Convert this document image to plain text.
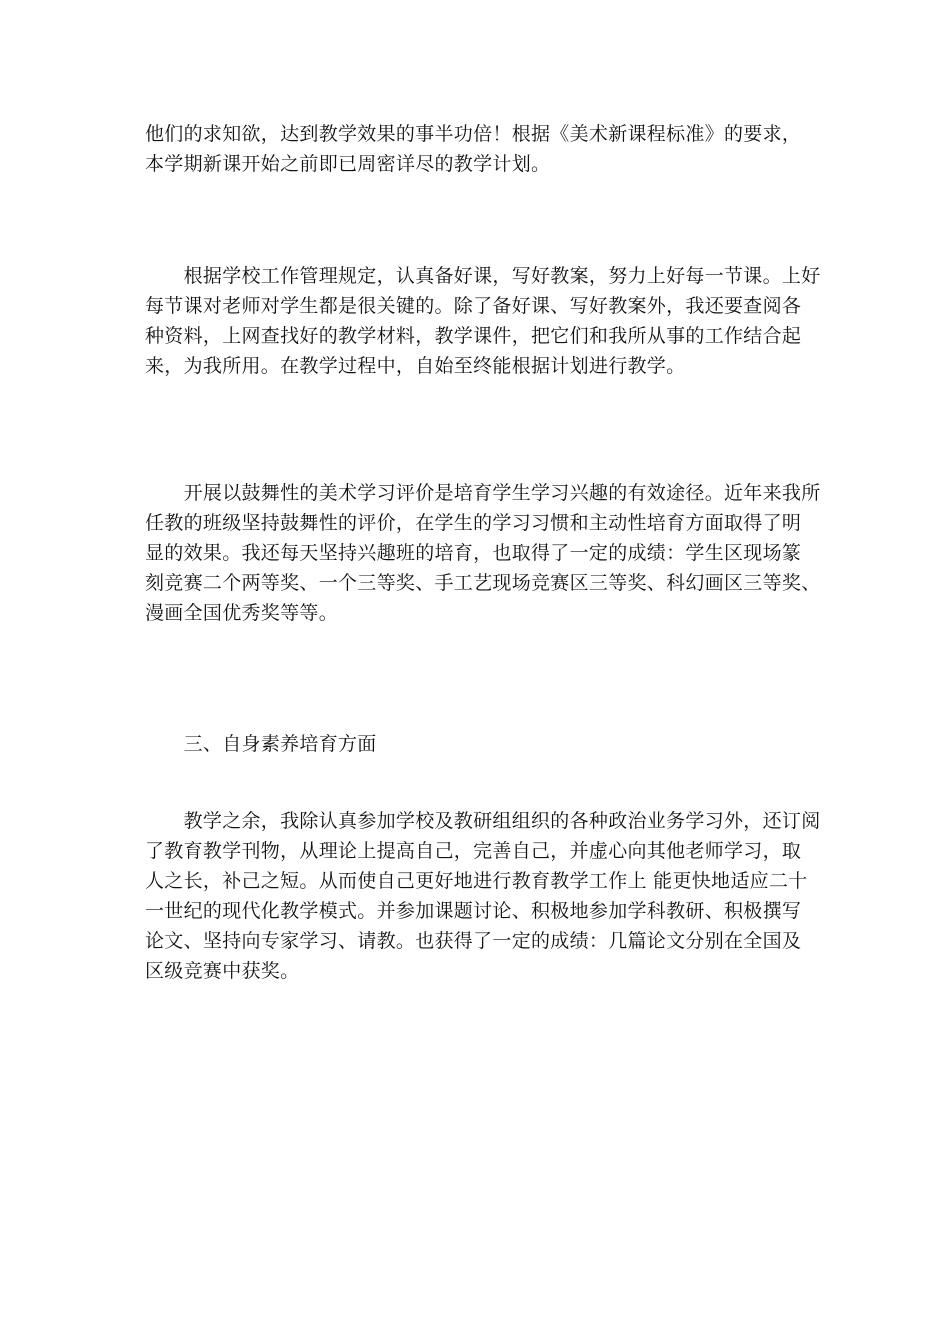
他们的求知欲，达到教学效果的事半功倍！根据《美术新课程标准》的要求，
本学期新课开始之前即已周密详尽的教学计划。
　　根据学校工作管理规定，认真备好课，写好教案，努力上好每一节课。上好
每节课对老师对学生都是很关键的。除了备好课、写好教案外，我还要查阅各
种资料，上网查找好的教学材料，教学课件，把它们和我所从事的工作结合起
来，为我所用。在教学过程中，自始至终能根据计划进行教学。
　　开展以鼓舞性的美术学习评价是培育学生学习兴趣的有效途径。近年来我所
任教的班级坚持鼓舞性的评价，在学生的学习习惯和主动性培育方面取得了明
显的效果。我还每天坚持兴趣班的培育，也取得了一定的成绩：学生区现场篆
刻竞赛二个两等奖、一个三等奖、手工艺现场竞赛区三等奖、科幻画区三等奖、
漫画全国优秀奖等等。
　　三、自身素养培育方面
　　教学之余，我除认真参加学校及教研组组织的各种政治业务学习外，还订阅
了教育教学刊物，从理论上提高自己，完善自己，并虚心向其他老师学习，取
人之长，补己之短。从而使自己更好地进行教育教学工作上 能更快地适应二十
一世纪的现代化教学模式。并参加课题讨论、积极地参加学科教研、积极撰写
论文、坚持向专家学习、请教。也获得了一定的成绩：几篇论文分别在全国及
区级竞赛中获奖。
